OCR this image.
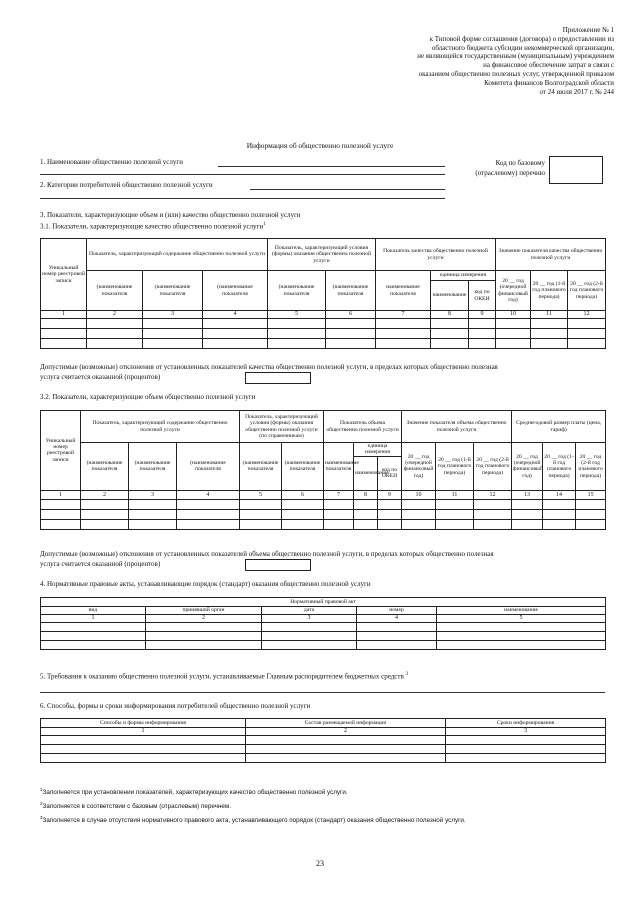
Приложение № 1
к Типовой форме соглашения (договора) о предоставлении из
областного бюджета субсидии некоммерческой организации,
не являющейся государственным (муниципальным) учреждением
на финансовое обеспечение затрат в связи с
оказанием общественно полезных услуг, утвержденной приказом
Комитета финансов Волгоградской области
от 24 июля 2017 г. № 244
Информация об общественно полезной услуге
1. Наименование общественно полезной услуги	Код по базовому
(отраслевому) перечню
2. Категории потребителей общественно полезной услуги
3. Показатели, характеризующие объем и (или) качество общественно полезной услуги
3.1. Показатели, характеризующие качество общественно полезной услуги$^1$
Уникальный номер реестровой записи	Показатель, характеризующий содержание общественно полезной услуги			Показатель, характеризующий условия (формы) оказания общественно полезной услуги		Показатель качества общественно полезной услуги			Значение показателя качества общественно полезной услуги		
	(наименование показателя	(наименование показателя	(наименование показателя	(наименование показателя	(наименование показателя	наименование показателя	единица измерения		20 __ год (очередной финансовый год)	20 __ год (1-й год планового периода)	20 __ год (2-й год планового периода)
							наименование	код по ОКЕИ			
1	2	3	4	5	6	7	8	9	10	11	12

Допустимые (возможные) отклонения от установленных показателей качества общественно полезной услуги, в пределах которых общественно полезная
услуга считается оказанной (процентов)
3.2. Показатели, характеризующие объем общественно полезной услуги
Уникальный номер реестровой записи	Показатель, характеризующий содержание общественно полезной услуги			Показатель, характеризующий условия (формы) оказания общественно полезной услуги (по справочникам)		Показатель объема общественно полезной услуги			Значение показателя объема общественно полезной услуги			Среднегодовой размер платы (цена, тариф)		
	(наименование показателя	(наименование показателя	(наименование показателя	(наименование показателя	(наименование показателя	наименование показателя	единица измерения		20 __ год (очередной финансовый год)	20 __ год (1-й год планового периода)	20 __ год (2-й год планового периода)	20 __ год (очередной финансовый год)	20 __ год (1-й год планового периода)	20 __ год (2-й год планового периода)
							наименование	код по ОКЕИ						
1	2	3	4	5	6	7	8	9	10	11	12	13	14	15

Допустимые (возможные) отклонения от установленных показателей объема общественно полезной услуги, в пределах которых общественно полезная
услуга считается оказанной (процентов)
4. Нормативные правовые акты, устанавливающие порядок (стандарт) оказания общественно полезной услуги
Нормативный правовой акт				
вид	принявший орган	дата	номер	наименование
1	2	3	4	5

5. Требования к оказанию общественно полезной услуги, устанавливаемые Главным распорядителем бюджетных средств $^3$
6. Способы, формы и сроки информирования потребителей общественно полезной услуги
Способы и формы информирования	Состав размещаемой информации	Сроки информирования
1	2	3

$^1$Заполняется при установлении показателей, характеризующих качество общественно полезной услуги.
$^2$Заполняется в соответствии с базовым (отраслевым) перечнем.
$^3$Заполняется в случае отсутствия нормативного правового акта, устанавливающего порядок (стандарт) оказания общественно полезной услуги.
23
